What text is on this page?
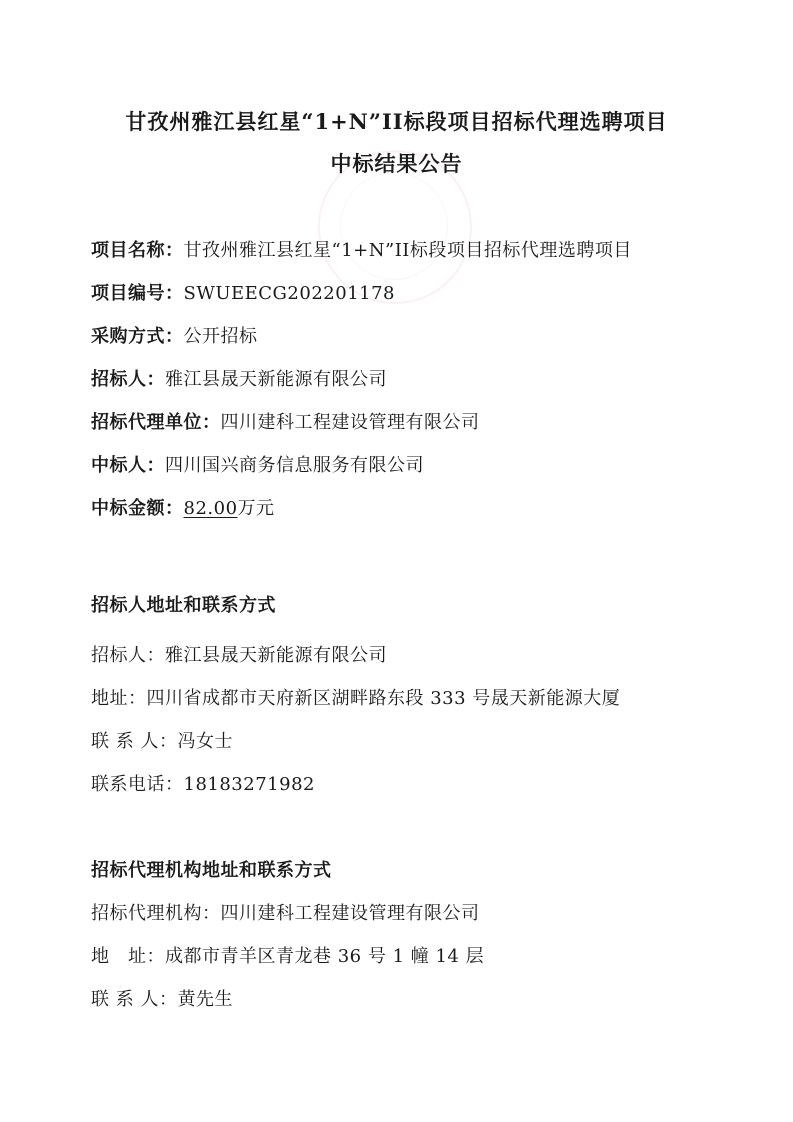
甘孜州雅江县红星“1+N”II标段项目招标代理选聘项目
中标结果公告
项目名称：甘孜州雅江县红星“1+N”II标段项目招标代理选聘项目
项目编号：SWUEECG202201178
采购方式：公开招标
招标人：雅江县晟天新能源有限公司
招标代理单位：四川建科工程建设管理有限公司
中标人：四川国兴商务信息服务有限公司
中标金额：82.00万元
招标人地址和联系方式
招标人：雅江县晟天新能源有限公司
地址：四川省成都市天府新区湖畔路东段 333 号晟天新能源大厦
联 系 人：冯女士
联系电话：18183271982
招标代理机构地址和联系方式
招标代理机构：四川建科工程建设管理有限公司
地　址：成都市青羊区青龙巷 36 号 1 幢 14 层
联 系 人：黄先生
